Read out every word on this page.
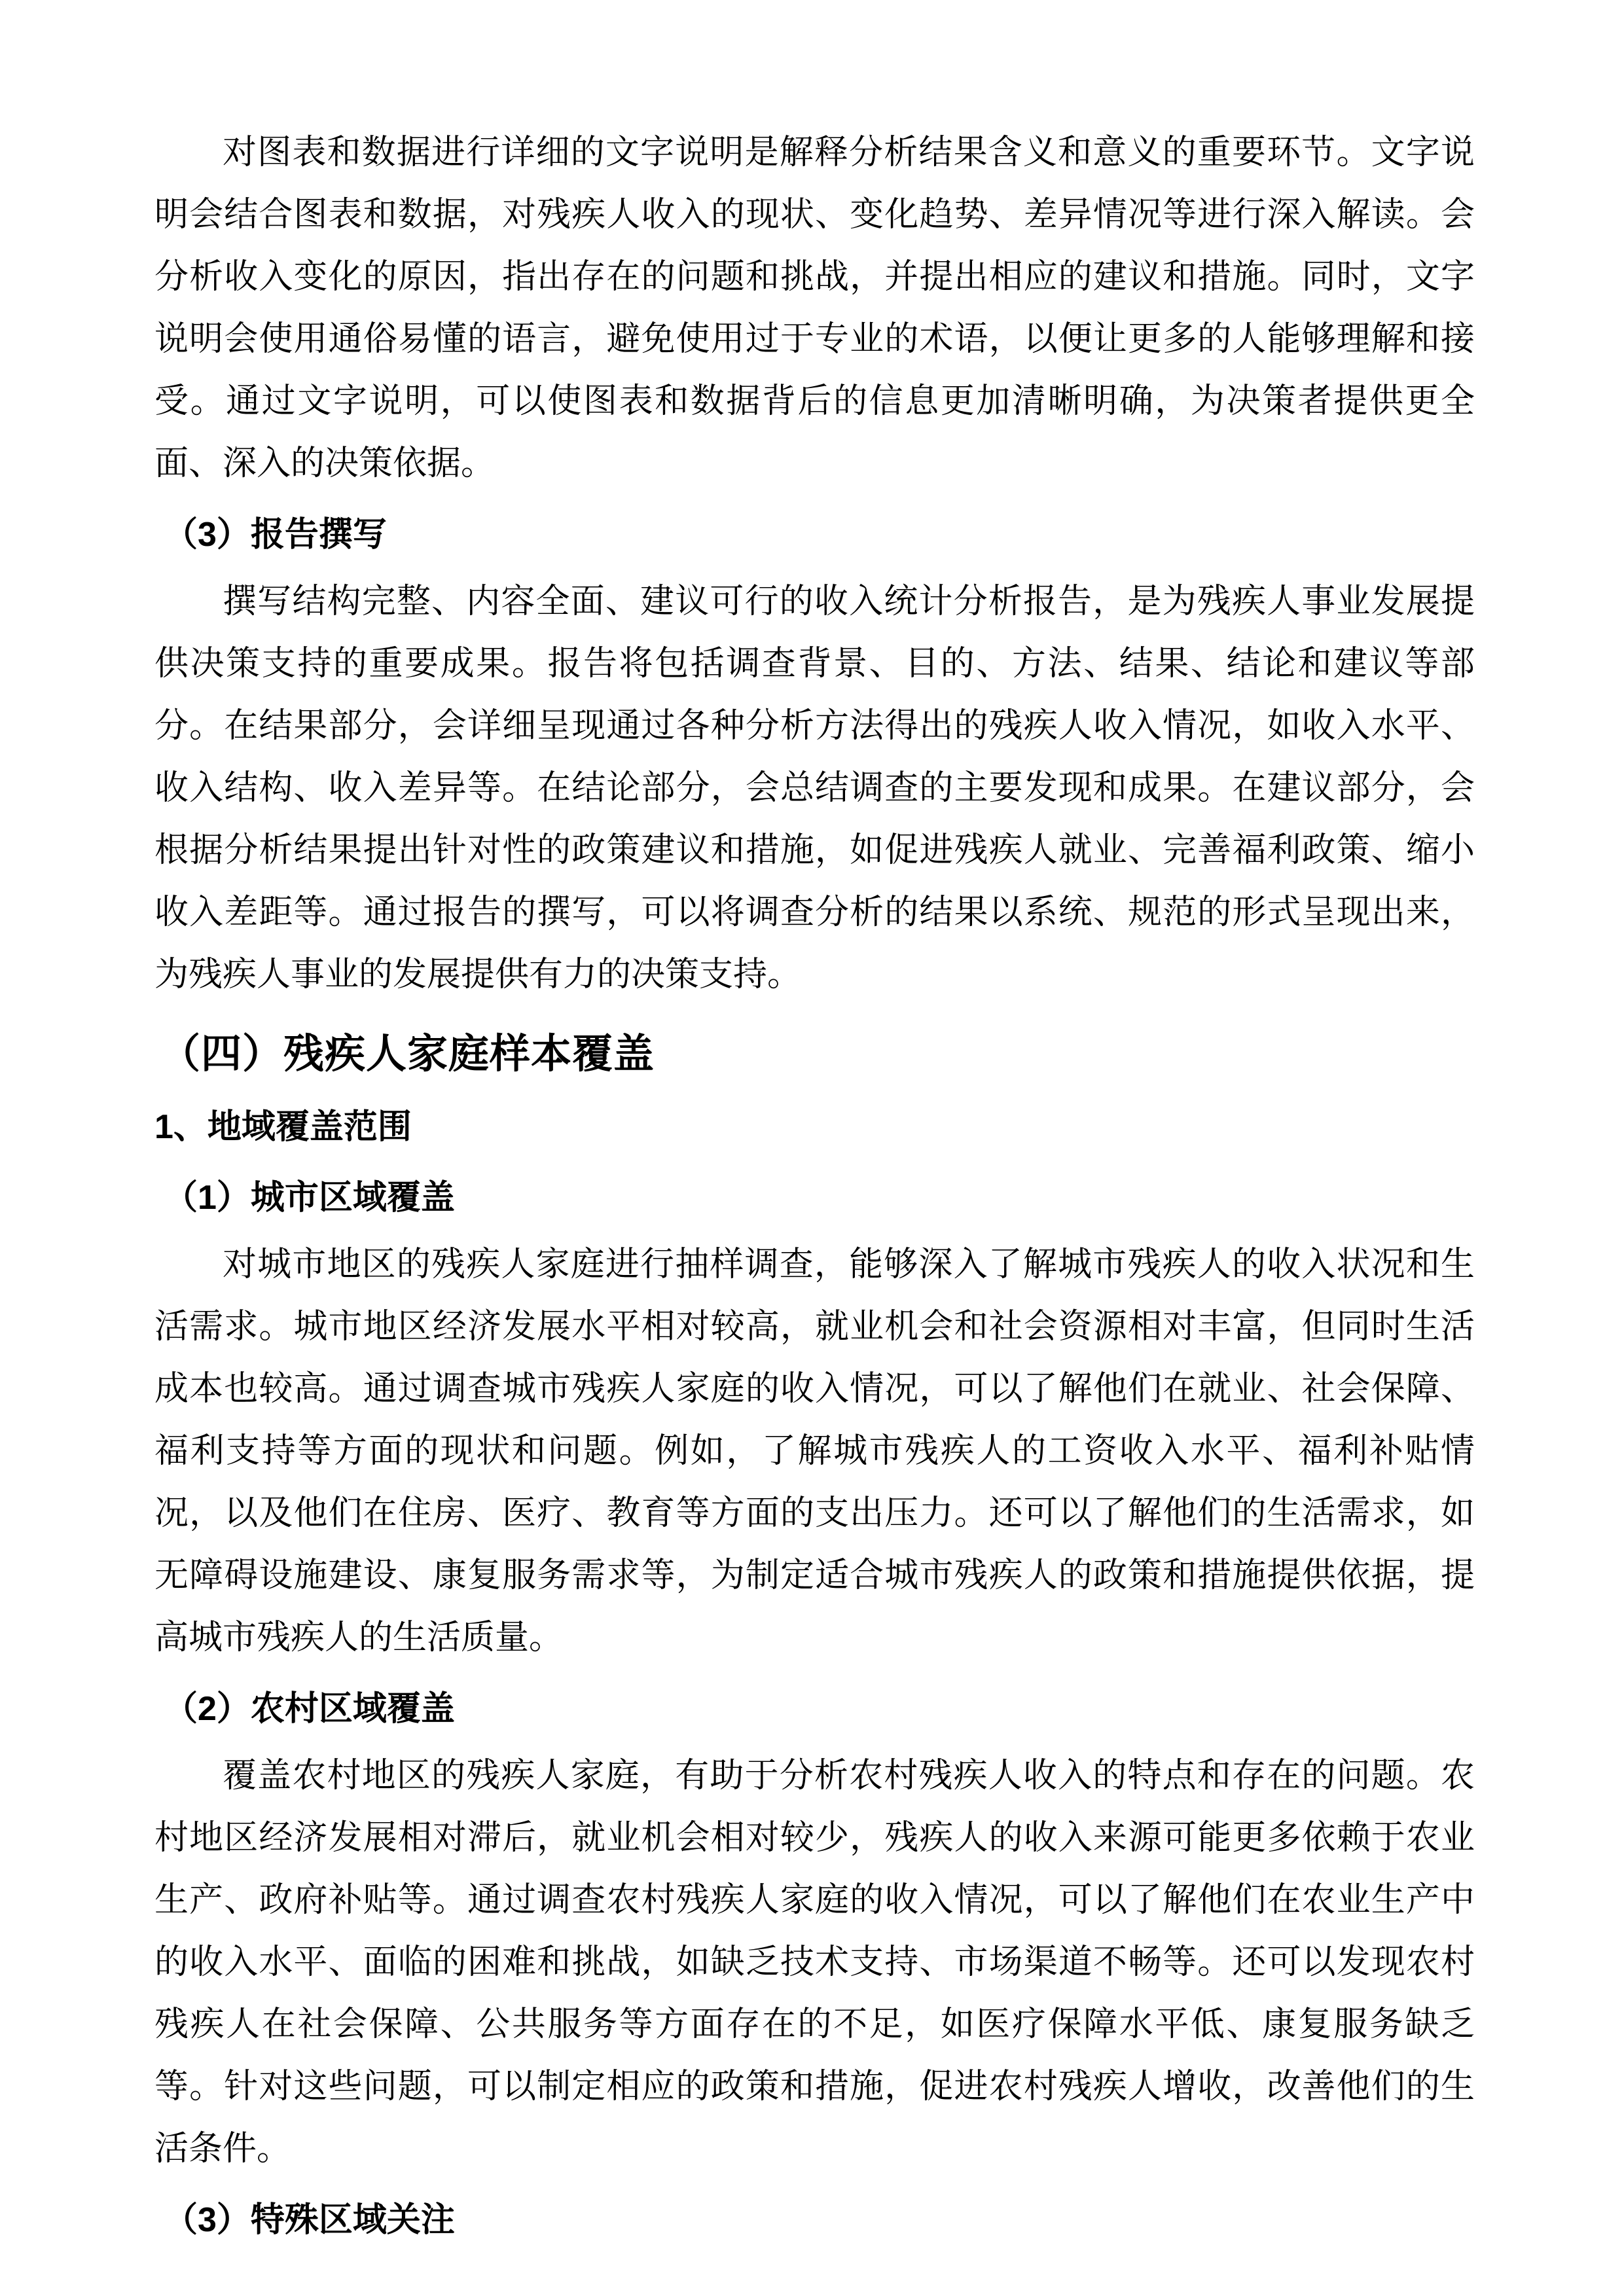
对图表和数据进行详细的文字说明是解释分析结果含义和意义的重要环节。文字说明会结合图表和数据，对残疾人收入的现状、变化趋势、差异情况等进行深入解读。会分析收入变化的原因，指出存在的问题和挑战，并提出相应的建议和措施。同时，文字说明会使用通俗易懂的语言，避免使用过于专业的术语，以便让更多的人能够理解和接受。通过文字说明，可以使图表和数据背后的信息更加清晰明确，为决策者提供更全面、深入的决策依据。

（3）报告撰写

撰写结构完整、内容全面、建议可行的收入统计分析报告，是为残疾人事业发展提供决策支持的重要成果。报告将包括调查背景、目的、方法、结果、结论和建议等部分。在结果部分，会详细呈现通过各种分析方法得出的残疾人收入情况，如收入水平、收入结构、收入差异等。在结论部分，会总结调查的主要发现和成果。在建议部分，会根据分析结果提出针对性的政策建议和措施，如促进残疾人就业、完善福利政策、缩小收入差距等。通过报告的撰写，可以将调查分析的结果以系统、规范的形式呈现出来，为残疾人事业的发展提供有力的决策支持。

（四）残疾人家庭样本覆盖
1、地域覆盖范围
（1）城市区域覆盖

对城市地区的残疾人家庭进行抽样调查，能够深入了解城市残疾人的收入状况和生活需求。城市地区经济发展水平相对较高，就业机会和社会资源相对丰富，但同时生活成本也较高。通过调查城市残疾人家庭的收入情况，可以了解他们在就业、社会保障、福利支持等方面的现状和问题。例如，了解城市残疾人的工资收入水平、福利补贴情况，以及他们在住房、医疗、教育等方面的支出压力。还可以了解他们的生活需求，如无障碍设施建设、康复服务需求等，为制定适合城市残疾人的政策和措施提供依据，提高城市残疾人的生活质量。

（2）农村区域覆盖

覆盖农村地区的残疾人家庭，有助于分析农村残疾人收入的特点和存在的问题。农村地区经济发展相对滞后，就业机会相对较少，残疾人的收入来源可能更多依赖于农业生产、政府补贴等。通过调查农村残疾人家庭的收入情况，可以了解他们在农业生产中的收入水平、面临的困难和挑战，如缺乏技术支持、市场渠道不畅等。还可以发现农村残疾人在社会保障、公共服务等方面存在的不足，如医疗保障水平低、康复服务缺乏等。针对这些问题，可以制定相应的政策和措施，促进农村残疾人增收，改善他们的生活条件。

（3）特殊区域关注
